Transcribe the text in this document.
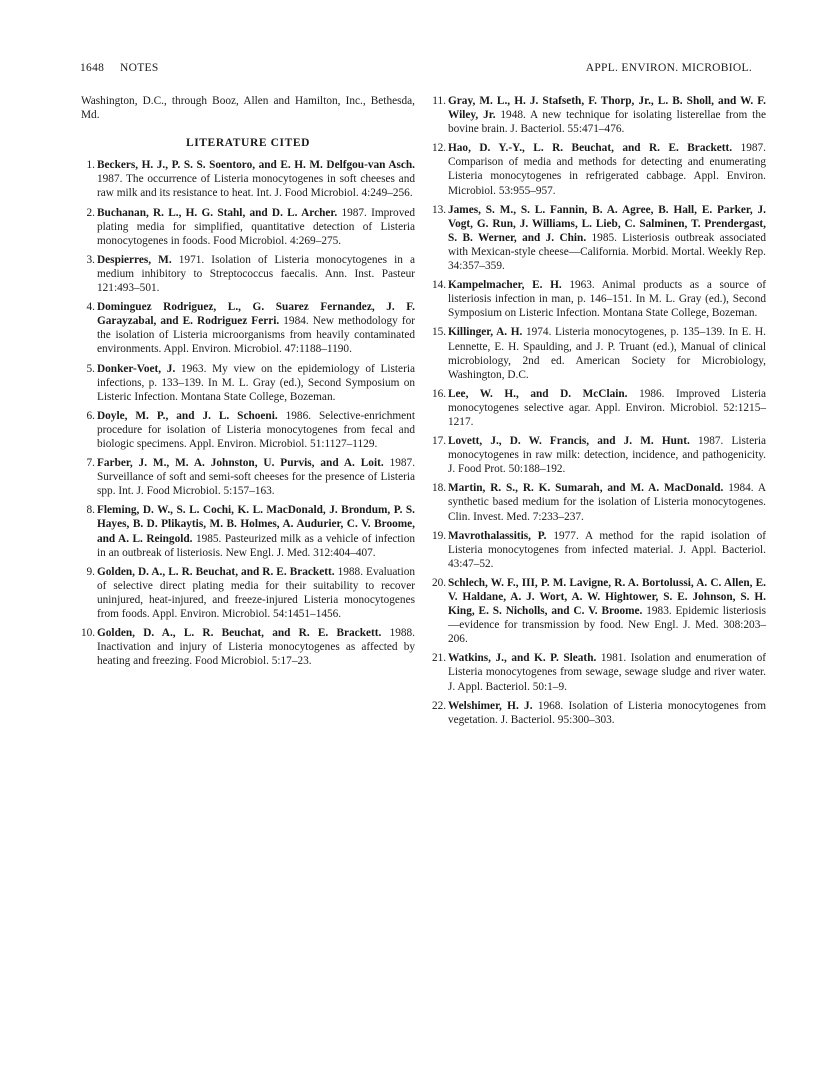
1648 NOTES	APPL. ENVIRON. MICROBIOL.

Washington, D.C., through Booz, Allen and Hamilton, Inc., Bethesda, Md.

LITERATURE CITED
1. Beckers, H. J., P. S. S. Soentoro, and E. H. M. Delfgou-van Asch. 1987. The occurrence of Listeria monocytogenes in soft cheeses and raw milk and its resistance to heat. Int. J. Food Microbiol. 4:249–256.
2. Buchanan, R. L., H. G. Stahl, and D. L. Archer. 1987. Improved plating media for simplified, quantitative detection of Listeria monocytogenes in foods. Food Microbiol. 4:269–275.
3. Despierres, M. 1971. Isolation of Listeria monocytogenes in a medium inhibitory to Streptococcus faecalis. Ann. Inst. Pasteur 121:493–501.
4. Dominguez Rodriguez, L., G. Suarez Fernandez, J. F. Garayzabal, and E. Rodriguez Ferri. 1984. New methodology for the isolation of Listeria microorganisms from heavily contaminated environments. Appl. Environ. Microbiol. 47:1188–1190.
5. Donker-Voet, J. 1963. My view on the epidemiology of Listeria infections, p. 133–139. In M. L. Gray (ed.), Second Symposium on Listeric Infection. Montana State College, Bozeman.
6. Doyle, M. P., and J. L. Schoeni. 1986. Selective-enrichment procedure for isolation of Listeria monocytogenes from fecal and biologic specimens. Appl. Environ. Microbiol. 51:1127–1129.
7. Farber, J. M., M. A. Johnston, U. Purvis, and A. Loit. 1987. Surveillance of soft and semi-soft cheeses for the presence of Listeria spp. Int. J. Food Microbiol. 5:157–163.
8. Fleming, D. W., S. L. Cochi, K. L. MacDonald, J. Brondum, P. S. Hayes, B. D. Plikaytis, M. B. Holmes, A. Audurier, C. V. Broome, and A. L. Reingold. 1985. Pasteurized milk as a vehicle of infection in an outbreak of listeriosis. New Engl. J. Med. 312:404–407.
9. Golden, D. A., L. R. Beuchat, and R. E. Brackett. 1988. Evaluation of selective direct plating media for their suitability to recover uninjured, heat-injured, and freeze-injured Listeria monocytogenes from foods. Appl. Environ. Microbiol. 54:1451–1456.
10. Golden, D. A., L. R. Beuchat, and R. E. Brackett. 1988. Inactivation and injury of Listeria monocytogenes as affected by heating and freezing. Food Microbiol. 5:17–23.
11. Gray, M. L., H. J. Stafseth, F. Thorp, Jr., L. B. Sholl, and W. F. Wiley, Jr. 1948. A new technique for isolating listerellae from the bovine brain. J. Bacteriol. 55:471–476.
12. Hao, D. Y.-Y., L. R. Beuchat, and R. E. Brackett. 1987. Comparison of media and methods for detecting and enumerating Listeria monocytogenes in refrigerated cabbage. Appl. Environ. Microbiol. 53:955–957.
13. James, S. M., S. L. Fannin, B. A. Agree, B. Hall, E. Parker, J. Vogt, G. Run, J. Williams, L. Lieb, C. Salminen, T. Prendergast, S. B. Werner, and J. Chin. 1985. Listeriosis outbreak associated with Mexican-style cheese—California. Morbid. Mortal. Weekly Rep. 34:357–359.
14. Kampelmacher, E. H. 1963. Animal products as a source of listeriosis infection in man, p. 146–151. In M. L. Gray (ed.), Second Symposium on Listeric Infection. Montana State College, Bozeman.
15. Killinger, A. H. 1974. Listeria monocytogenes, p. 135–139. In E. H. Lennette, E. H. Spaulding, and J. P. Truant (ed.), Manual of clinical microbiology, 2nd ed. American Society for Microbiology, Washington, D.C.
16. Lee, W. H., and D. McClain. 1986. Improved Listeria monocytogenes selective agar. Appl. Environ. Microbiol. 52:1215–1217.
17. Lovett, J., D. W. Francis, and J. M. Hunt. 1987. Listeria monocytogenes in raw milk: detection, incidence, and pathogenicity. J. Food Prot. 50:188–192.
18. Martin, R. S., R. K. Sumarah, and M. A. MacDonald. 1984. A synthetic based medium for the isolation of Listeria monocytogenes. Clin. Invest. Med. 7:233–237.
19. Mavrothalassitis, P. 1977. A method for the rapid isolation of Listeria monocytogenes from infected material. J. Appl. Bacteriol. 43:47–52.
20. Schlech, W. F., III, P. M. Lavigne, R. A. Bortolussi, A. C. Allen, E. V. Haldane, A. J. Wort, A. W. Hightower, S. E. Johnson, S. H. King, E. S. Nicholls, and C. V. Broome. 1983. Epidemic listeriosis—evidence for transmission by food. New Engl. J. Med. 308:203–206.
21. Watkins, J., and K. P. Sleath. 1981. Isolation and enumeration of Listeria monocytogenes from sewage, sewage sludge and river water. J. Appl. Bacteriol. 50:1–9.
22. Welshimer, H. J. 1968. Isolation of Listeria monocytogenes from vegetation. J. Bacteriol. 95:300–303.
